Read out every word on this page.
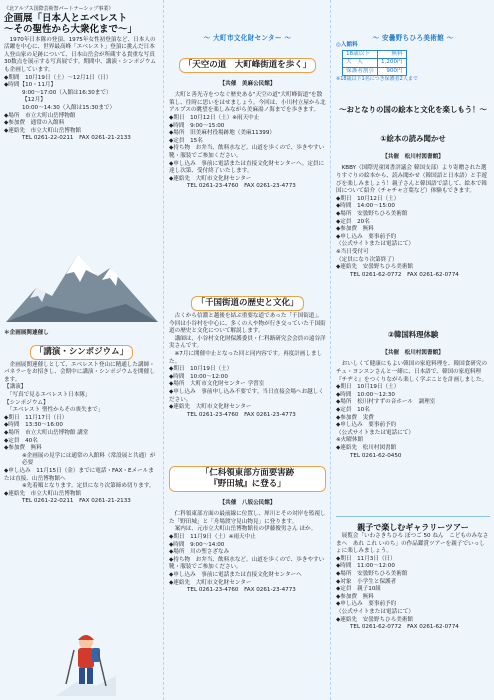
《北アルプス国際芸術祭パートナーシップ事業》

企画展「日本人とエベレスト

〜その聖性から大衆化まで〜」

　1970年日本隊の登頂、1975年女性初登頂など、日本人の活躍を中心に、世界最高峰「エベレスト」登頂に挑んだ日本人登山家の足跡について、日本山岳会が所蔵する貴重な写真30数点を展示する写真展です。期間中、講演・シンポジウムも企画しています。

◆期間　10月19日（土）〜12月1日（日）

◆時間【10・11月】

9:00〜17:00（入館は16:30まで）

【12月】

10:00〜14:30（入館は15:30まで）

◆場所　市立大町山岳博物館

◆参加費　通常の入館料

◆連絡先　市立大町山岳博物館

TEL 0261-22-0211　FAX 0261-21-2133

＊企画展関連催し

「講演・シンポジウム」

　企画展関連催しとして、エベレスト登山に精通した講師・パネラーをお招きし、会期中に講演・シンポジウムを開催します。

【講演】
　「写真で見るエベレスト日本隊」
【シンポジウム】
　「エベレスト 聖性からその喪失まで」

◆期日　11月17日（日）

◆時間　13:30〜16:00

◆場所　市立大町山岳博物館 講堂

◆定員　40名

◆参加費　無料

※企画展の見学には通常の入館料（常設展と共通）が必要

◆申し込み　11月15日（金）までに電話・FAX・Eメールまたは直接、山岳博物館へ

※先着順となります。定員になり次第締め切ります。

◆連絡先　市立大町山岳博物館

TEL 0261-22-0211　FAX 0261-21-2133

〜 大町市文化財センター 〜
「天空の道　大町峰街道を歩く」

【共催　美麻公民館】

　大町と善光寺をつなぐ歴史ある"天空の道"大町峰街道"を散策し、往時に思いをはせましょう。今回は、小川村立屋から北アルプスの眺望を楽しみながら美麻湯ノ海までを歩きます。

◆期日　10月12日（土）※雨天中止

◆時間　9:00〜15:00

◆場所　旧美麻村役場跡地（美麻11399）

◆定員　15名

◆持ち物　お弁当、飲料水など。山道を歩くので、歩きやすい靴・服装でご参加ください。

◆申し込み　事前に電話または直接文化財センターへ。定員に達し次第、受付終了いたします。

◆連絡先　大町市文化財センター

TEL 0261-23-4760　FAX 0261-23-4773

「千国街道の歴史と文化」

　古くから信濃と越後を結ぶ重要な道であった「千国街道」。今回は小谷村を中心に、多くの人や物が行き交っていた千国街道の歴史と文化について解説します。
　講師は、小谷村文化財保護委員・仁科路研究会会員の遠谷洋実さんです。
　※7月に開催中止となった回と同内容です。再度計画しました。

◆期日　10月19日（土）

◆時間　10:00〜12:00

◆場所　大町市文化財センター 学習室

◆申し込み　事前申し込み不要です。当日直接会場へお越しください。

◆連絡先　大町市文化財センター

TEL 0261-23-4760　FAX 0261-23-4773

「仁科領東部方面要害跡
『野田城』に登る」

【共催　八坂公民館】

　仁科領東部方面の最前線に位置し、犀川とその対岸を監視した「野田城」と「舟場渡守見山物見」に登ります。
　案内は、元市立大町山岳博物館長の伊藤俊男さん ほか。

◆期日　11月9日（土）※雨天中止

◆時間　9:00〜14:00

◆場所　川の聖さざなみ

◆持ち物　お弁当、飲料水など。山道を歩くので、歩きやすい靴・服装でご参加ください。

◆申し込み　事前に電話または直接文化財センターへ

◆連絡先　大町市文化財センター

TEL 0261-23-4760　FAX 0261-23-4773

〜 安曇野ちひろ美術館 〜

◎入館料

18歳以下	無料
大　人	1,200円
保護者割引	900円

※18歳以下1名につき保護者2人まで

〜おとなりの国の絵本と文化を楽しもう！〜

①絵本の読み聞かせ

【共催　松川村図書館】

　KBBY（国際児童図書評議会 韓国支部）より寄贈された選りすぐりの絵本から、読み聞かせ（韓国語と日本語）と手遊びを楽しみましょう！親子さんと韓国語で話して、絵本で韓国について紹介（チャチャ言葉など）体験もできます。

◆期日　10月12日（土）

◆時間　14:00〜15:00

◆場所　安曇野ちひろ美術館

◆定員　20名

◆参加費　無料

◆申し込み　要事前予約
（公式サイトまたは電話にて）
※当日受付可
（定員になり次第終了）

◆連絡先　安曇野ちひろ美術館

TEL 0261-62-0772　FAX 0261-62-0774

②韓国料理体験

【共催　松川村図書館】

　おいしくて健康にもよい韓国の家庭料理を、韓国食研究のチェ・ヨンスンさんと一緒に、日本語で、韓国の家庭料理『チヂミ』をつくりながら楽しく学ぶことを計画しました。

◆期日　10月19日（土）

◆時間　10:00〜12:30

◆場所　松川村すずの音ホール　調理室

◆定員　10名

◆参加費　実費

◆申し込み　要事前予約
（公式サイトまたは電話にて）
※火曜休館

◆連絡先　松川村図書館

TEL 0261-62-0450

親子で楽しむギャラリーツアー

　展覧会「いわさきちひろ ぼつご 50 ねん　こどものみなさまへ　あれ これ いのち」の作品鑑賞ツアーを親子でいっしょに楽しみましょう。

◆期日　11月3日（日）

◆時間　11:00〜12:00

◆場所　安曇野ちひろ美術館

◆対象　小学生と保護者

◆定員　親子10組

◆参加費　無料

◆申し込み　要事前予約
（公式サイトまたは電話にて）

◆連絡先　安曇野ちひろ美術館

TEL 0261-62-0772　FAX 0261-62-0774
